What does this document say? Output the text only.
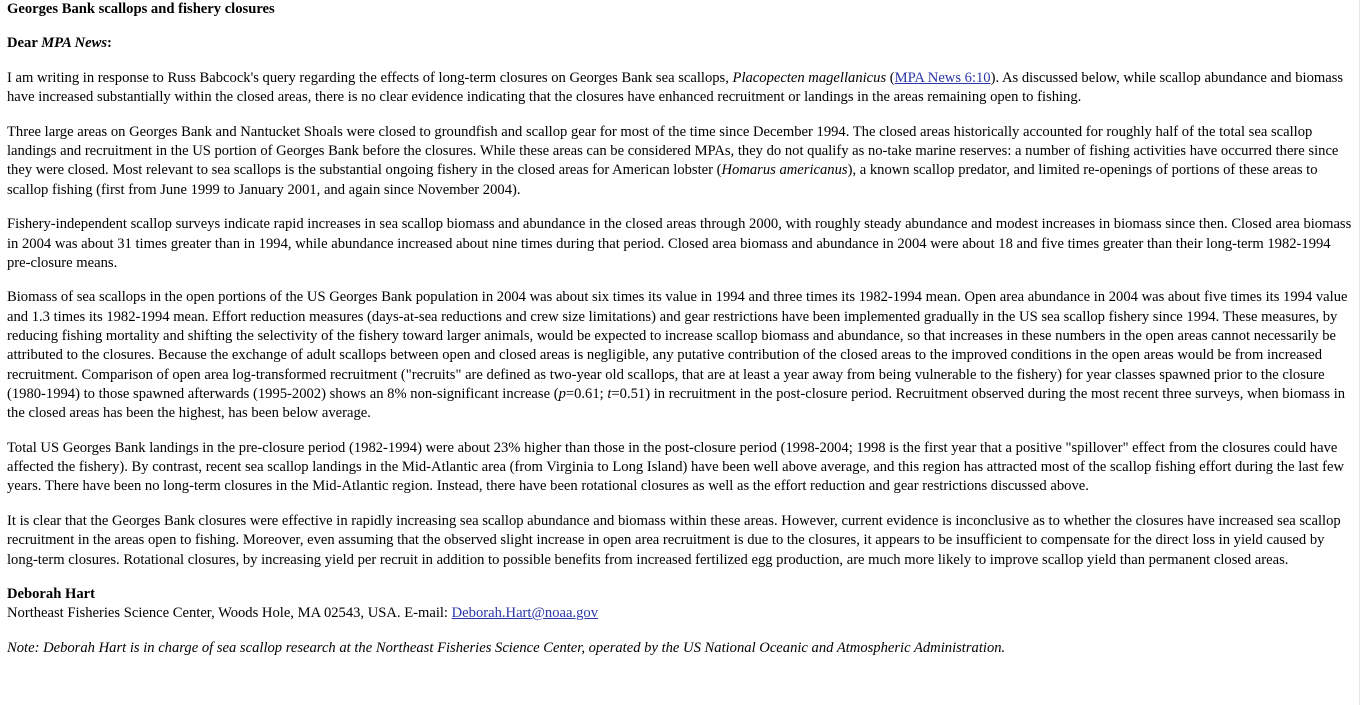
Georges Bank scallops and fishery closures

Dear MPA News:

I am writing in response to Russ Babcock's query regarding the effects of long-term closures on Georges Bank sea scallops, Placopecten magellanicus (MPA News 6:10). As discussed below, while scallop abundance and biomass have increased substantially within the closed areas, there is no clear evidence indicating that the closures have enhanced recruitment or landings in the areas remaining open to fishing.

Three large areas on Georges Bank and Nantucket Shoals were closed to groundfish and scallop gear for most of the time since December 1994. The closed areas historically accounted for roughly half of the total sea scallop landings and recruitment in the US portion of Georges Bank before the closures. While these areas can be considered MPAs, they do not qualify as no-take marine reserves: a number of fishing activities have occurred there since they were closed. Most relevant to sea scallops is the substantial ongoing fishery in the closed areas for American lobster (Homarus americanus), a known scallop predator, and limited re-openings of portions of these areas to scallop fishing (first from June 1999 to January 2001, and again since November 2004).

Fishery-independent scallop surveys indicate rapid increases in sea scallop biomass and abundance in the closed areas through 2000, with roughly steady abundance and modest increases in biomass since then. Closed area biomass in 2004 was about 31 times greater than in 1994, while abundance increased about nine times during that period. Closed area biomass and abundance in 2004 were about 18 and five times greater than their long-term 1982-1994 pre-closure means.

Biomass of sea scallops in the open portions of the US Georges Bank population in 2004 was about six times its value in 1994 and three times its 1982-1994 mean. Open area abundance in 2004 was about five times its 1994 value and 1.3 times its 1982-1994 mean. Effort reduction measures (days-at-sea reductions and crew size limitations) and gear restrictions have been implemented gradually in the US sea scallop fishery since 1994. These measures, by reducing fishing mortality and shifting the selectivity of the fishery toward larger animals, would be expected to increase scallop biomass and abundance, so that increases in these numbers in the open areas cannot necessarily be attributed to the closures. Because the exchange of adult scallops between open and closed areas is negligible, any putative contribution of the closed areas to the improved conditions in the open areas would be from increased recruitment. Comparison of open area log-transformed recruitment ("recruits" are defined as two-year old scallops, that are at least a year away from being vulnerable to the fishery) for year classes spawned prior to the closure (1980-1994) to those spawned afterwards (1995-2002) shows an 8% non-significant increase (p=0.61; t=0.51) in recruitment in the post-closure period. Recruitment observed during the most recent three surveys, when biomass in the closed areas has been the highest, has been below average.

Total US Georges Bank landings in the pre-closure period (1982-1994) were about 23% higher than those in the post-closure period (1998-2004; 1998 is the first year that a positive "spillover" effect from the closures could have affected the fishery). By contrast, recent sea scallop landings in the Mid-Atlantic area (from Virginia to Long Island) have been well above average, and this region has attracted most of the scallop fishing effort during the last few years. There have been no long-term closures in the Mid-Atlantic region. Instead, there have been rotational closures as well as the effort reduction and gear restrictions discussed above.

It is clear that the Georges Bank closures were effective in rapidly increasing sea scallop abundance and biomass within these areas. However, current evidence is inconclusive as to whether the closures have increased sea scallop recruitment in the areas open to fishing. Moreover, even assuming that the observed slight increase in open area recruitment is due to the closures, it appears to be insufficient to compensate for the direct loss in yield caused by long-term closures. Rotational closures, by increasing yield per recruit in addition to possible benefits from increased fertilized egg production, are much more likely to improve scallop yield than permanent closed areas.

Deborah Hart

Northeast Fisheries Science Center, Woods Hole, MA 02543, USA. E-mail: Deborah.Hart@noaa.gov

Note: Deborah Hart is in charge of sea scallop research at the Northeast Fisheries Science Center, operated by the US National Oceanic and Atmospheric Administration.
